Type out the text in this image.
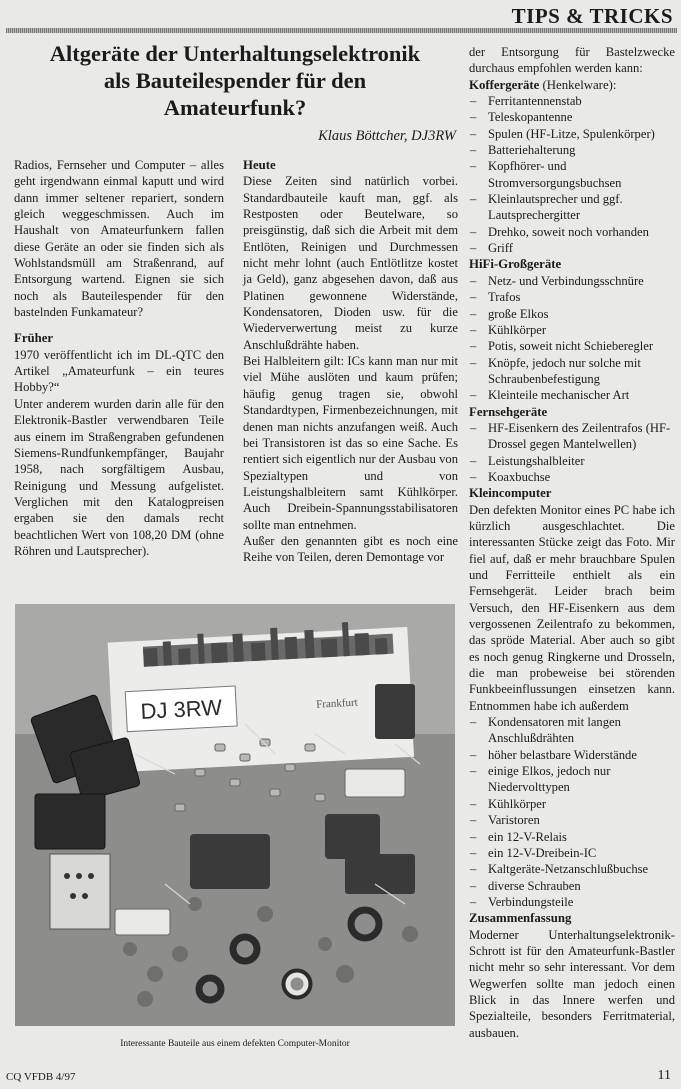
TIPS & TRICKS
Altgeräte der Unterhaltungselektronik
als Bauteilespender für den
Amateurfunk?
Klaus Böttcher, DJ3RW

Radios, Fernseher und Computer – alles geht irgendwann einmal kaputt und wird dann immer seltener repariert, sondern gleich weggeschmissen. Auch im Haushalt von Amateurfunkern fallen diese Geräte an oder sie finden sich als Wohlstandsmüll am Straßenrand, auf Entsorgung wartend. Eignen sie sich noch als Bauteilespender für den bastelnden Funkamateur?

Früher

1970 veröffentlicht ich im DL-QTC den Artikel „Amateurfunk – ein teures Hobby?“

Unter anderem wurden darin alle für den Elektronik-Bastler verwendbaren Teile aus einem im Straßengraben gefundenen Siemens-Rundfunkempfänger, Baujahr 1958, nach sorgfältigem Ausbau, Reinigung und Messung aufgelistet. Verglichen mit den Katalogpreisen ergaben sie den damals recht beachtlichen Wert von 108,20 DM (ohne Röhren und Lautsprecher).

Heute

Diese Zeiten sind natürlich vorbei. Standardbauteile kauft man, ggf. als Restposten oder Beutelware, so preisgünstig, daß sich die Arbeit mit dem Entlöten, Reinigen und Durchmessen nicht mehr lohnt (auch Entlötlitze kostet ja Geld), ganz abgesehen davon, daß aus Platinen gewonnene Widerstände, Kondensatoren, Dioden usw. für die Wiederverwertung meist zu kurze Anschlußdrähte haben.

Bei Halbleitern gilt: ICs kann man nur mit viel Mühe auslöten und kaum prüfen; häufig genug tragen sie, obwohl Standardtypen, Firmenbezeichnungen, mit denen man nichts anzufangen weiß. Auch bei Transistoren ist das so eine Sache. Es rentiert sich eigentlich nur der Ausbau von Spezialtypen und von Leistungshalbleitern samt Kühlkörper. Auch Dreibein-Spannungsstabilisatoren sollte man entnehmen.

Außer den genannten gibt es noch eine Reihe von Teilen, deren Demontage vor

der Entsorgung für Bastelzwecke durchaus empfohlen werden kann:

Koffergeräte (Henkelware):
– Ferritantennenstab
– Teleskopantenne
– Spulen (HF-Litze, Spulenkörper)
– Batteriehalterung
– Kopfhörer- und Stromversorgungsbuchsen
– Kleinlautsprecher und ggf. Lautsprechergitter
– Drehko, soweit noch vorhanden
– Griff
HiFi-Großgeräte
– Netz- und Verbindungsschnüre
– Trafos
– große Elkos
– Kühlkörper
– Potis, soweit nicht Schieberegler
– Knöpfe, jedoch nur solche mit Schraubenbefestigung
– Kleinteile mechanischer Art
Fernsehgeräte
– HF-Eisenkern des Zeilentrafos (HF-Drossel gegen Mantelwellen)
– Leistungshalbleiter
– Koaxbuchse
Kleincomputer

Den defekten Monitor eines PC habe ich kürzlich ausgeschlachtet. Die interessanten Stücke zeigt das Foto. Mir fiel auf, daß er mehr brauchbare Spulen und Ferritteile enthielt als ein Fernsehgerät. Leider brach beim Versuch, den HF-Eisenkern aus dem vergossenen Zeilentrafo zu bekommen, das spröde Material. Aber auch so gibt es noch genug Ringkerne und Drosseln, die man probeweise bei störenden Funkbeeinflussungen einsetzen kann. Entnommen habe ich außerdem

– Kondensatoren mit langen Anschlußdrähten
– höher belastbare Widerstände
– einige Elkos, jedoch nur Niedervolttypen
– Kühlkörper
– Varistoren
– ein 12-V-Relais
– ein 12-V-Dreibein-IC
– Kaltgeräte-Netzanschlußbuchse
– diverse Schrauben
– Verbindungsteile
Zusammenfassung

Moderner Unterhaltungselektronik-Schrott ist für den Amateurfunk-Bastler nicht mehr so sehr interessant. Vor dem Wegwerfen sollte man jedoch einen Blick in das Innere werfen und Spezialteile, besonders Ferritmaterial, ausbauen.

DJ 3RW	Frankfurt
Interessante Bauteile aus einem defekten Computer-Monitor
CQ VFDB 4/97	11
